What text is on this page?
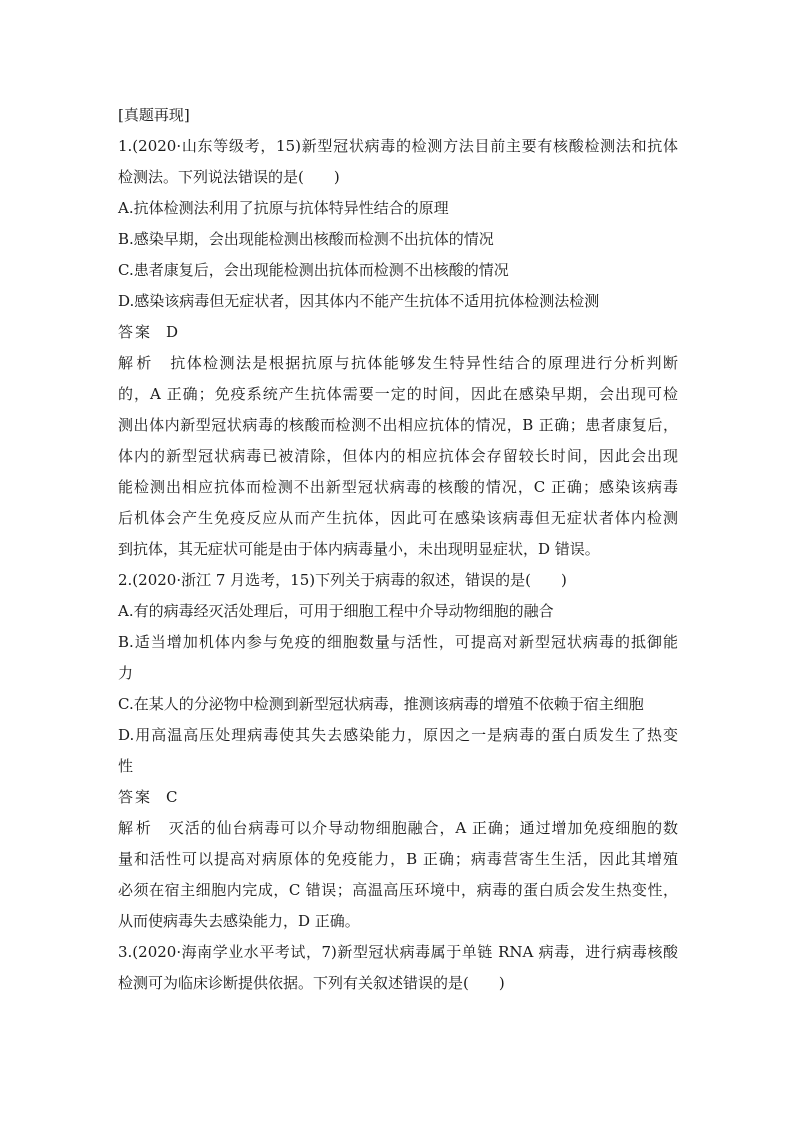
[真题再现]
1.(2020·山东等级考，15)新型冠状病毒的检测方法目前主要有核酸检测法和抗体
检测法。下列说法错误的是(　　)
A.抗体检测法利用了抗原与抗体特异性结合的原理
B.感染早期，会出现能检测出核酸而检测不出抗体的情况
C.患者康复后，会出现能检测出抗体而检测不出核酸的情况
D.感染该病毒但无症状者，因其体内不能产生抗体不适用抗体检测法检测
答案 D
解析 抗体检测法是根据抗原与抗体能够发生特异性结合的原理进行分析判断
的，A 正确；免疫系统产生抗体需要一定的时间，因此在感染早期，会出现可检
测出体内新型冠状病毒的核酸而检测不出相应抗体的情况，B 正确；患者康复后，
体内的新型冠状病毒已被清除，但体内的相应抗体会存留较长时间，因此会出现
能检测出相应抗体而检测不出新型冠状病毒的核酸的情况，C 正确；感染该病毒
后机体会产生免疫反应从而产生抗体，因此可在感染该病毒但无症状者体内检测
到抗体，其无症状可能是由于体内病毒量小，未出现明显症状，D 错误。
2.(2020·浙江 7 月选考，15)下列关于病毒的叙述，错误的是(　　)
A.有的病毒经灭活处理后，可用于细胞工程中介导动物细胞的融合
B.适当增加机体内参与免疫的细胞数量与活性，可提高对新型冠状病毒的抵御能
力
C.在某人的分泌物中检测到新型冠状病毒，推测该病毒的增殖不依赖于宿主细胞
D.用高温高压处理病毒使其失去感染能力，原因之一是病毒的蛋白质发生了热变
性
答案 C
解析 灭活的仙台病毒可以介导动物细胞融合，A 正确；通过增加免疫细胞的数
量和活性可以提高对病原体的免疫能力，B 正确；病毒营寄生生活，因此其增殖
必须在宿主细胞内完成，C 错误；高温高压环境中，病毒的蛋白质会发生热变性，
从而使病毒失去感染能力，D 正确。
3.(2020·海南学业水平考试，7)新型冠状病毒属于单链 RNA 病毒，进行病毒核酸
检测可为临床诊断提供依据。下列有关叙述错误的是(　　)
